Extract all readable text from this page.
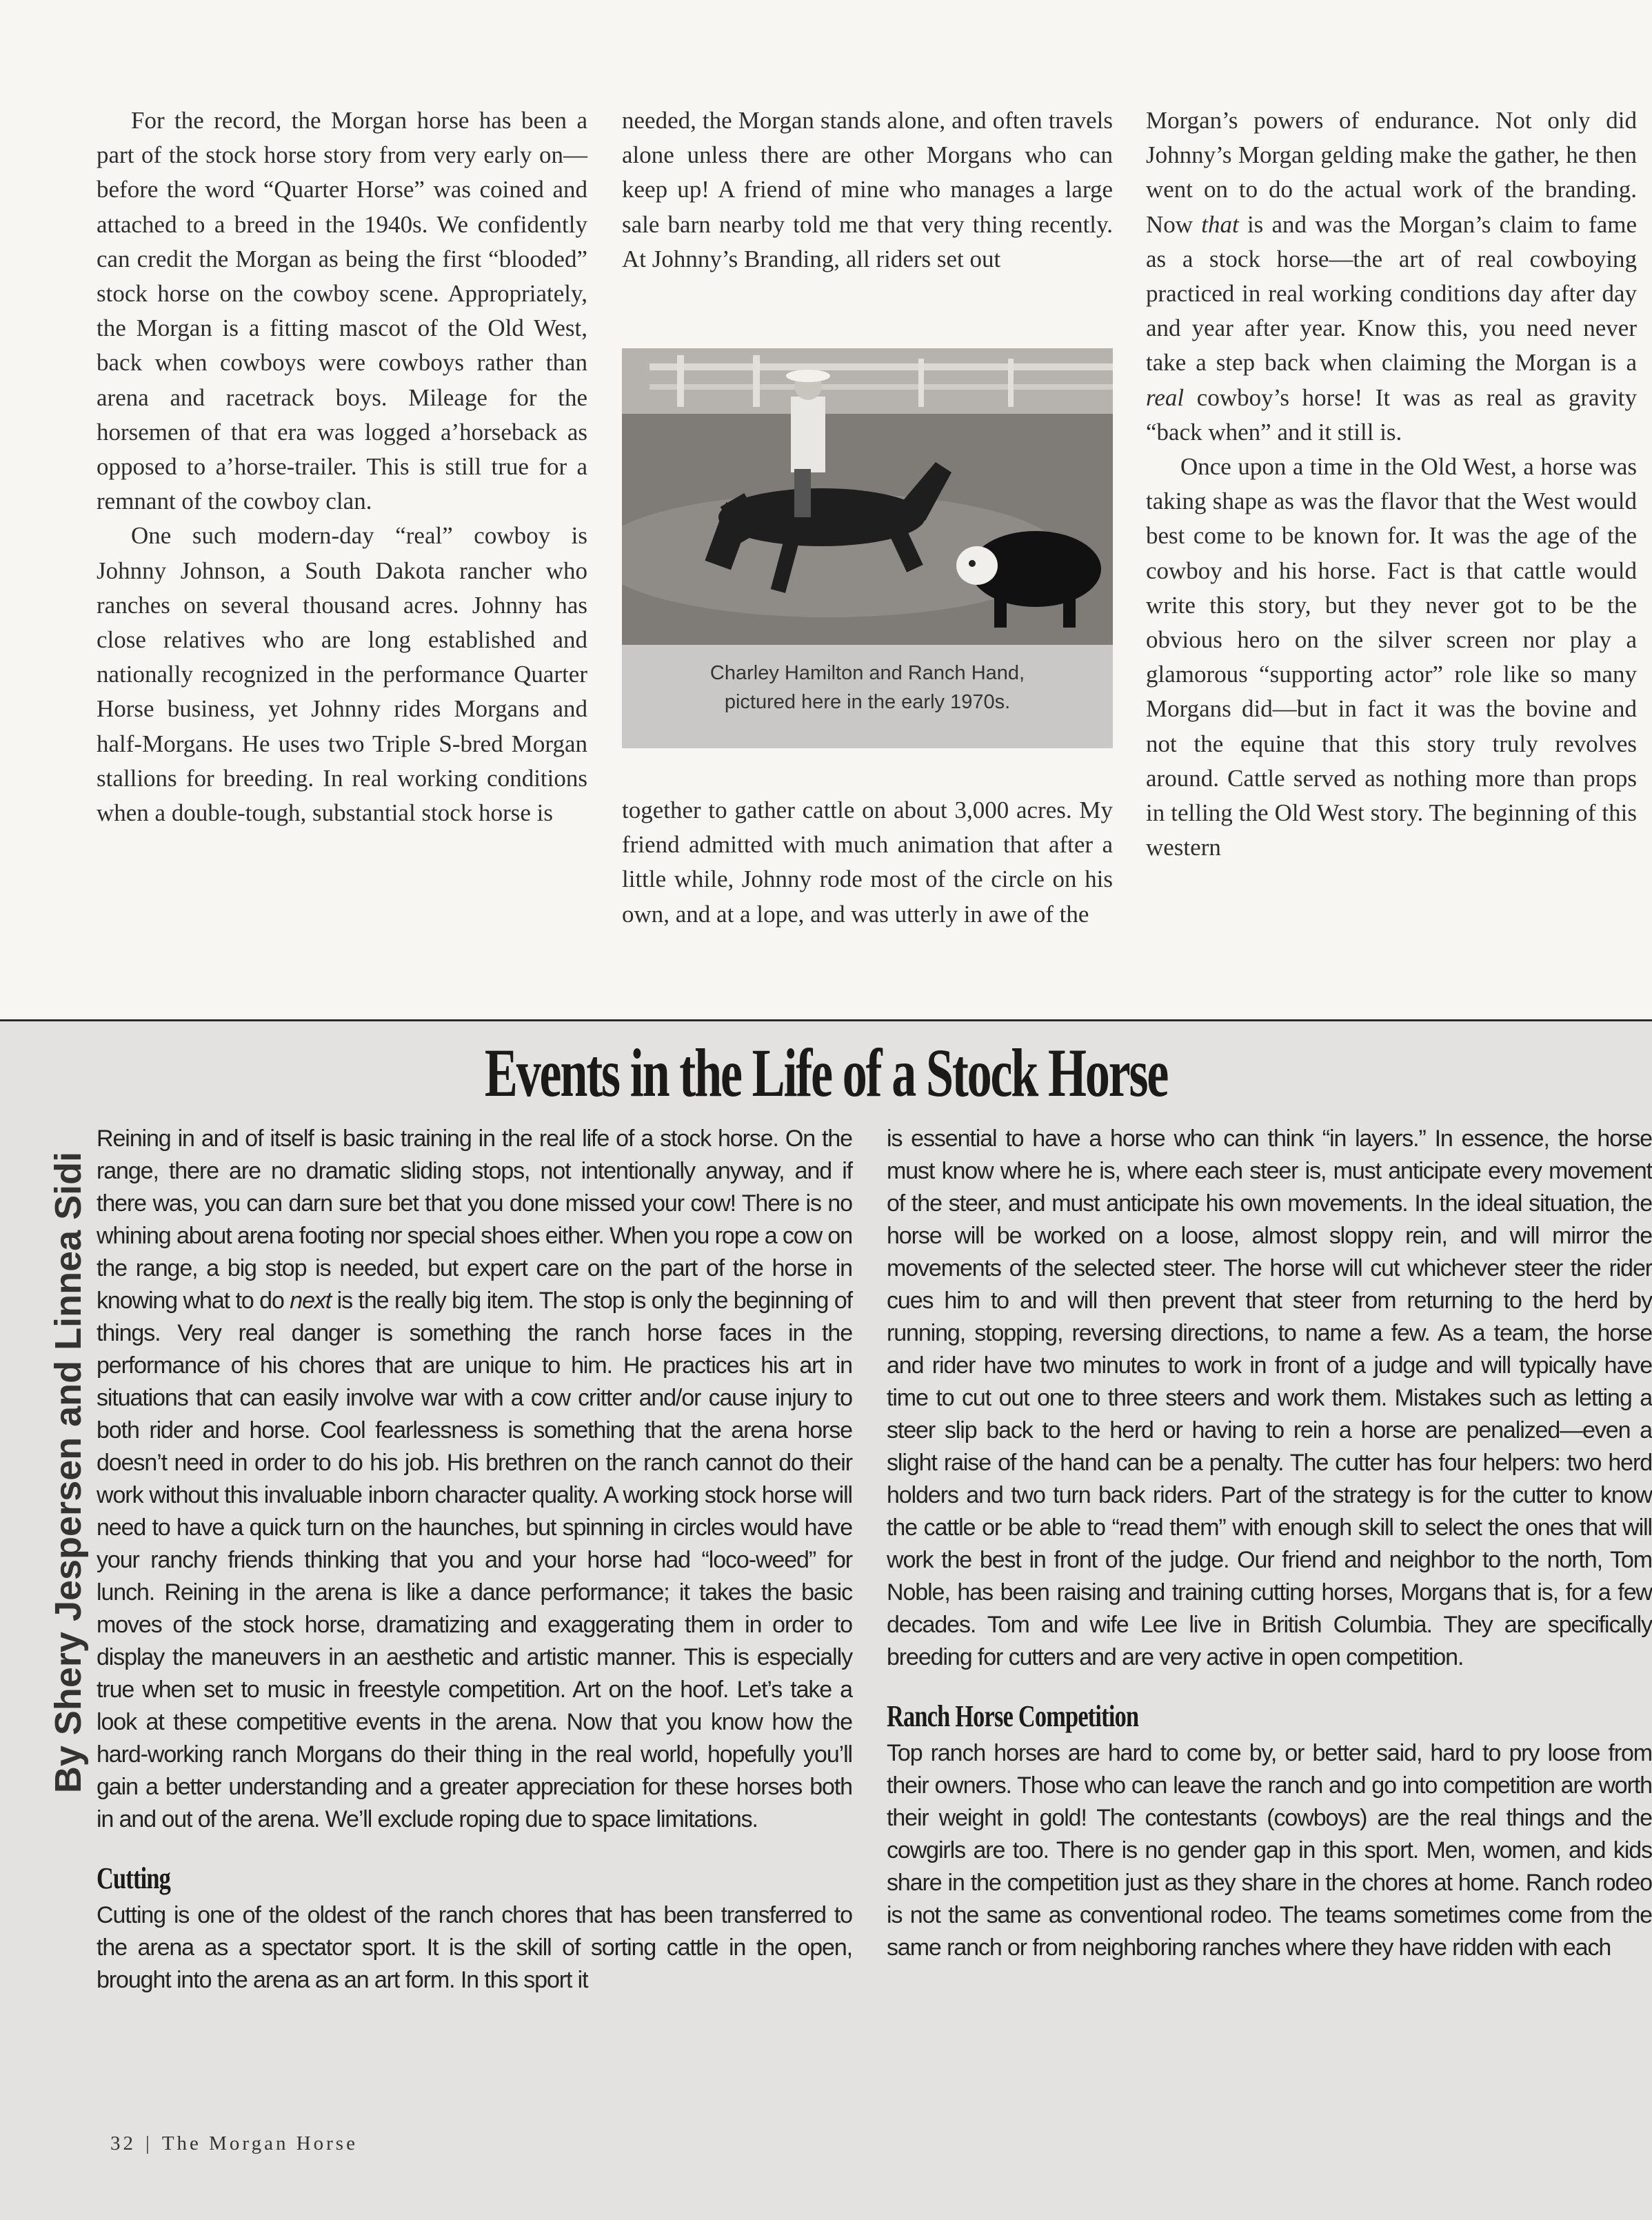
For the record, the Morgan horse has been a part of the stock horse story from very early on—before the word “Quarter Horse” was coined and attached to a breed in the 1940s. We confidently can credit the Morgan as being the first “blooded” stock horse on the cowboy scene. Appropriately, the Morgan is a fitting mascot of the Old West, back when cowboys were cowboys rather than arena and racetrack boys. Mileage for the horsemen of that era was logged a’horseback as opposed to a’horse-trailer. This is still true for a remnant of the cowboy clan.

One such modern-day “real” cowboy is Johnny Johnson, a South Dakota rancher who ranches on several thousand acres. Johnny has close relatives who are long established and nationally recognized in the performance Quarter Horse business, yet Johnny rides Morgans and half-Morgans. He uses two Triple S-bred Morgan stallions for breeding. In real working conditions when a double-tough, substantial stock horse is

needed, the Morgan stands alone, and often travels alone unless there are other Morgans who can keep up! A friend of mine who manages a large sale barn nearby told me that very thing recently. At Johnny’s Branding, all riders set out

Charley Hamilton and Ranch Hand,
pictured here in the early 1970s.

together to gather cattle on about 3,000 acres. My friend admitted with much animation that after a little while, Johnny rode most of the circle on his own, and at a lope, and was utterly in awe of the

Morgan’s powers of endurance. Not only did Johnny’s Morgan gelding make the gather, he then went on to do the actual work of the branding. Now that is and was the Morgan’s claim to fame as a stock horse—the art of real cowboying practiced in real working conditions day after day and year after year. Know this, you need never take a step back when claiming the Morgan is a real cowboy’s horse! It was as real as gravity “back when” and it still is.

Once upon a time in the Old West, a horse was taking shape as was the flavor that the West would best come to be known for. It was the age of the cowboy and his horse. Fact is that cattle would write this story, but they never got to be the obvious hero on the silver screen nor play a glamorous “supporting actor” role like so many Morgans did—but in fact it was the bovine and not the equine that this story truly revolves around. Cattle served as nothing more than props in telling the Old West story. The beginning of this western

Events in the Life of a Stock Horse
By Shery Jespersen and Linnea Sidi

Reining in and of itself is basic training in the real life of a stock horse. On the range, there are no dramatic sliding stops, not intentionally anyway, and if there was, you can darn sure bet that you done missed your cow! There is no whining about arena footing nor special shoes either. When you rope a cow on the range, a big stop is needed, but expert care on the part of the horse in knowing what to do next is the really big item. The stop is only the beginning of things. Very real danger is something the ranch horse faces in the performance of his chores that are unique to him. He practices his art in situations that can easily involve war with a cow critter and/or cause injury to both rider and horse. Cool fearlessness is something that the arena horse doesn’t need in order to do his job. His brethren on the ranch cannot do their work without this invaluable inborn character quality. A working stock horse will need to have a quick turn on the haunches, but spinning in circles would have your ranchy friends thinking that you and your horse had “loco-weed” for lunch. Reining in the arena is like a dance performance; it takes the basic moves of the stock horse, dramatizing and exaggerating them in order to display the maneuvers in an aesthetic and artistic manner. This is especially true when set to music in freestyle competition. Art on the hoof. Let’s take a look at these competitive events in the arena. Now that you know how the hard-working ranch Morgans do their thing in the real world, hopefully you’ll gain a better understanding and a greater appreciation for these horses both in and out of the arena. We’ll exclude roping due to space limitations.

Cutting

Cutting is one of the oldest of the ranch chores that has been transferred to the arena as a spectator sport. It is the skill of sorting cattle in the open, brought into the arena as an art form. In this sport it

is essential to have a horse who can think “in layers.” In essence, the horse must know where he is, where each steer is, must anticipate every movement of the steer, and must anticipate his own movements. In the ideal situation, the horse will be worked on a loose, almost sloppy rein, and will mirror the movements of the selected steer. The horse will cut whichever steer the rider cues him to and will then prevent that steer from returning to the herd by running, stopping, reversing directions, to name a few. As a team, the horse and rider have two minutes to work in front of a judge and will typically have time to cut out one to three steers and work them. Mistakes such as letting a steer slip back to the herd or having to rein a horse are penalized—even a slight raise of the hand can be a penalty. The cutter has four helpers: two herd holders and two turn back riders. Part of the strategy is for the cutter to know the cattle or be able to “read them” with enough skill to select the ones that will work the best in front of the judge. Our friend and neighbor to the north, Tom Noble, has been raising and training cutting horses, Morgans that is, for a few decades. Tom and wife Lee live in British Columbia. They are specifically breeding for cutters and are very active in open competition.

Ranch Horse Competition

Top ranch horses are hard to come by, or better said, hard to pry loose from their owners. Those who can leave the ranch and go into competition are worth their weight in gold! The contestants (cowboys) are the real things and the cowgirls are too. There is no gender gap in this sport. Men, women, and kids share in the competition just as they share in the chores at home. Ranch rodeo is not the same as conventional rodeo. The teams sometimes come from the same ranch or from neighboring ranches where they have ridden with each

32 | The Morgan Horse
